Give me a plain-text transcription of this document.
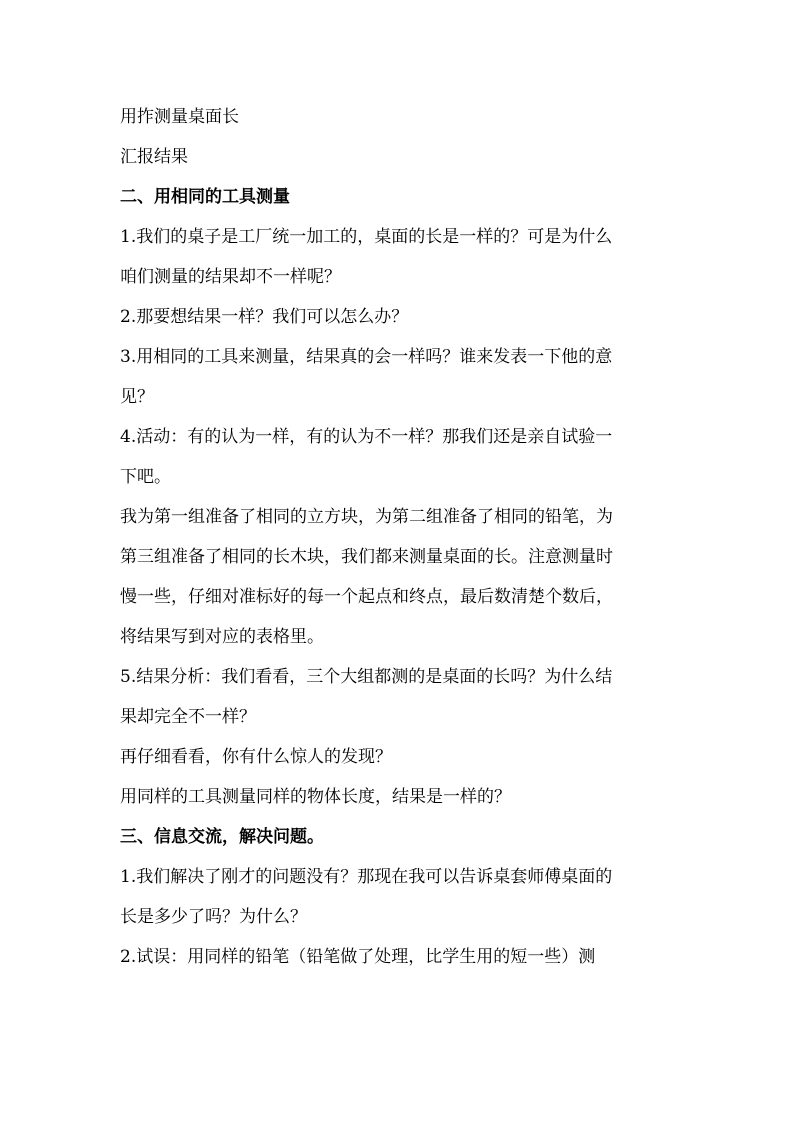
用拃测量桌面长
汇报结果
二、用相同的工具测量
1.我们的桌子是工厂统一加工的，桌面的长是一样的？可是为什么
咱们测量的结果却不一样呢？
2.那要想结果一样？我们可以怎么办？
3.用相同的工具来测量，结果真的会一样吗？谁来发表一下他的意
见？
4.活动：有的认为一样，有的认为不一样？那我们还是亲自试验一
下吧。
我为第一组准备了相同的立方块，为第二组准备了相同的铅笔，为
第三组准备了相同的长木块，我们都来测量桌面的长。注意测量时
慢一些，仔细对准标好的每一个起点和终点，最后数清楚个数后，
将结果写到对应的表格里。
5.结果分析：我们看看，三个大组都测的是桌面的长吗？为什么结
果却完全不一样？
再仔细看看，你有什么惊人的发现？
用同样的工具测量同样的物体长度，结果是一样的？
三、信息交流，解决问题。
1.我们解决了刚才的问题没有？那现在我可以告诉桌套师傅桌面的
长是多少了吗？为什么？
2.试误：用同样的铅笔（铅笔做了处理，比学生用的短一些）测
